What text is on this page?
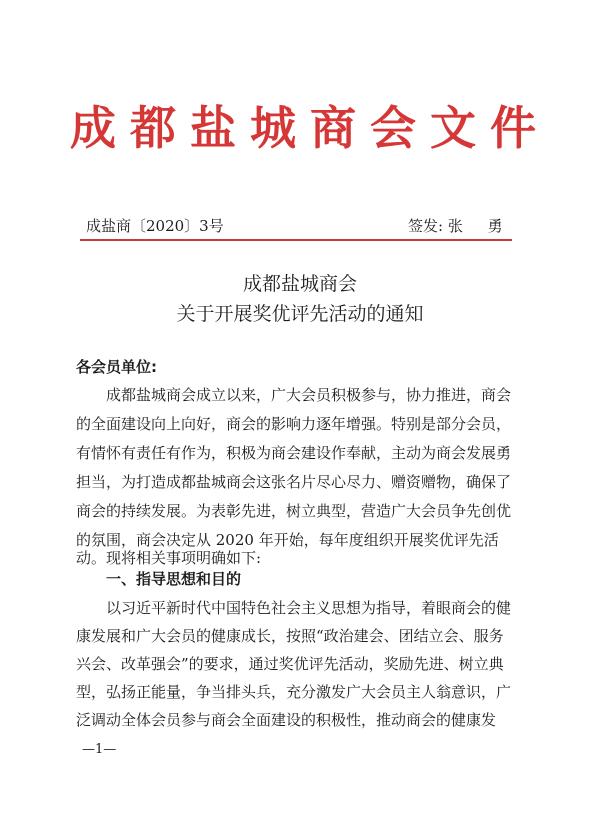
成都盐城商会文件
成盐商〔2020〕3号	签发: 张 勇
成都盐城商会
关于开展奖优评先活动的通知
各会员单位:
　　成都盐城商会成立以来，广大会员积极参与，协力推进，商会
的全面建设向上向好，商会的影响力逐年增强。特别是部分会员，
有情怀有责任有作为，积极为商会建设作奉献，主动为商会发展勇
担当，为打造成都盐城商会这张名片尽心尽力、赠资赠物，确保了
商会的持续发展。为表彰先进，树立典型，营造广大会员争先创优
的氛围，商会决定从 2020 年开始，每年度组织开展奖优评先活
动。现将相关事项明确如下:
一、指导思想和目的
　　以习近平新时代中国特色社会主义思想为指导，着眼商会的健
康发展和广大会员的健康成长，按照“政治建会、团结立会、服务
兴会、改革强会”的要求，通过奖优评先活动，奖励先进、树立典
型，弘扬正能量，争当排头兵，充分激发广大会员主人翁意识，广
泛调动全体会员参与商会全面建设的积极性，推动商会的健康发
—1—
